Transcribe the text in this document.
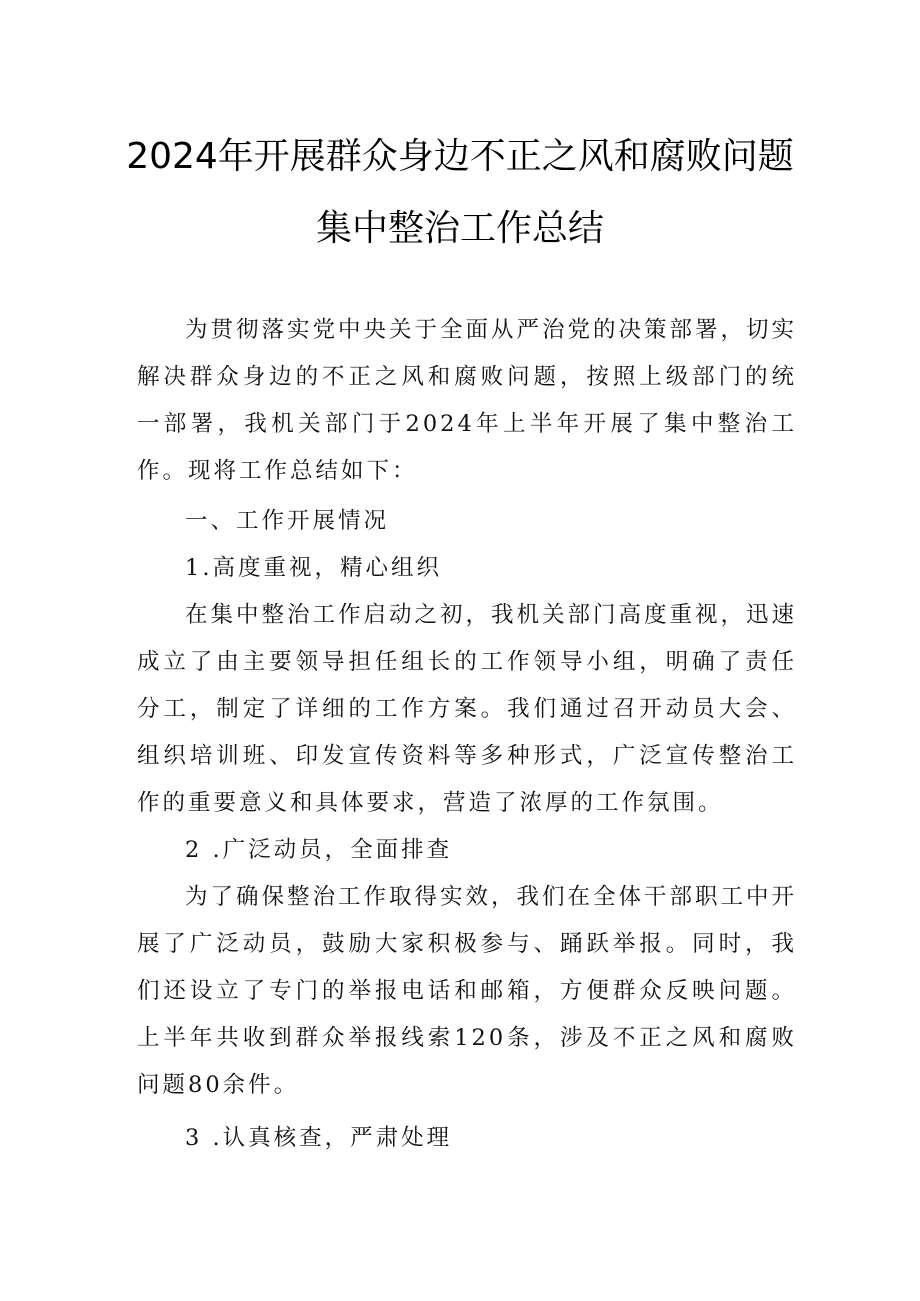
2024年开展群众身边不正之风和腐败问题
集中整治工作总结

为贯彻落实党中央关于全面从严治党的决策部署，切实解决群众身边的不正之风和腐败问题，按照上级部门的统一部署，我机关部门于2024年上半年开展了集中整治工作。现将工作总结如下：

一、工作开展情况

1.高度重视，精心组织

在集中整治工作启动之初，我机关部门高度重视，迅速成立了由主要领导担任组长的工作领导小组，明确了责任分工，制定了详细的工作方案。我们通过召开动员大会、组织培训班、印发宣传资料等多种形式，广泛宣传整治工作的重要意义和具体要求，营造了浓厚的工作氛围。

2 .广泛动员，全面排查

为了确保整治工作取得实效，我们在全体干部职工中开展了广泛动员，鼓励大家积极参与、踊跃举报。同时，我们还设立了专门的举报电话和邮箱，方便群众反映问题。上半年共收到群众举报线索120条，涉及不正之风和腐败问题80余件。

3 .认真核查，严肃处理
